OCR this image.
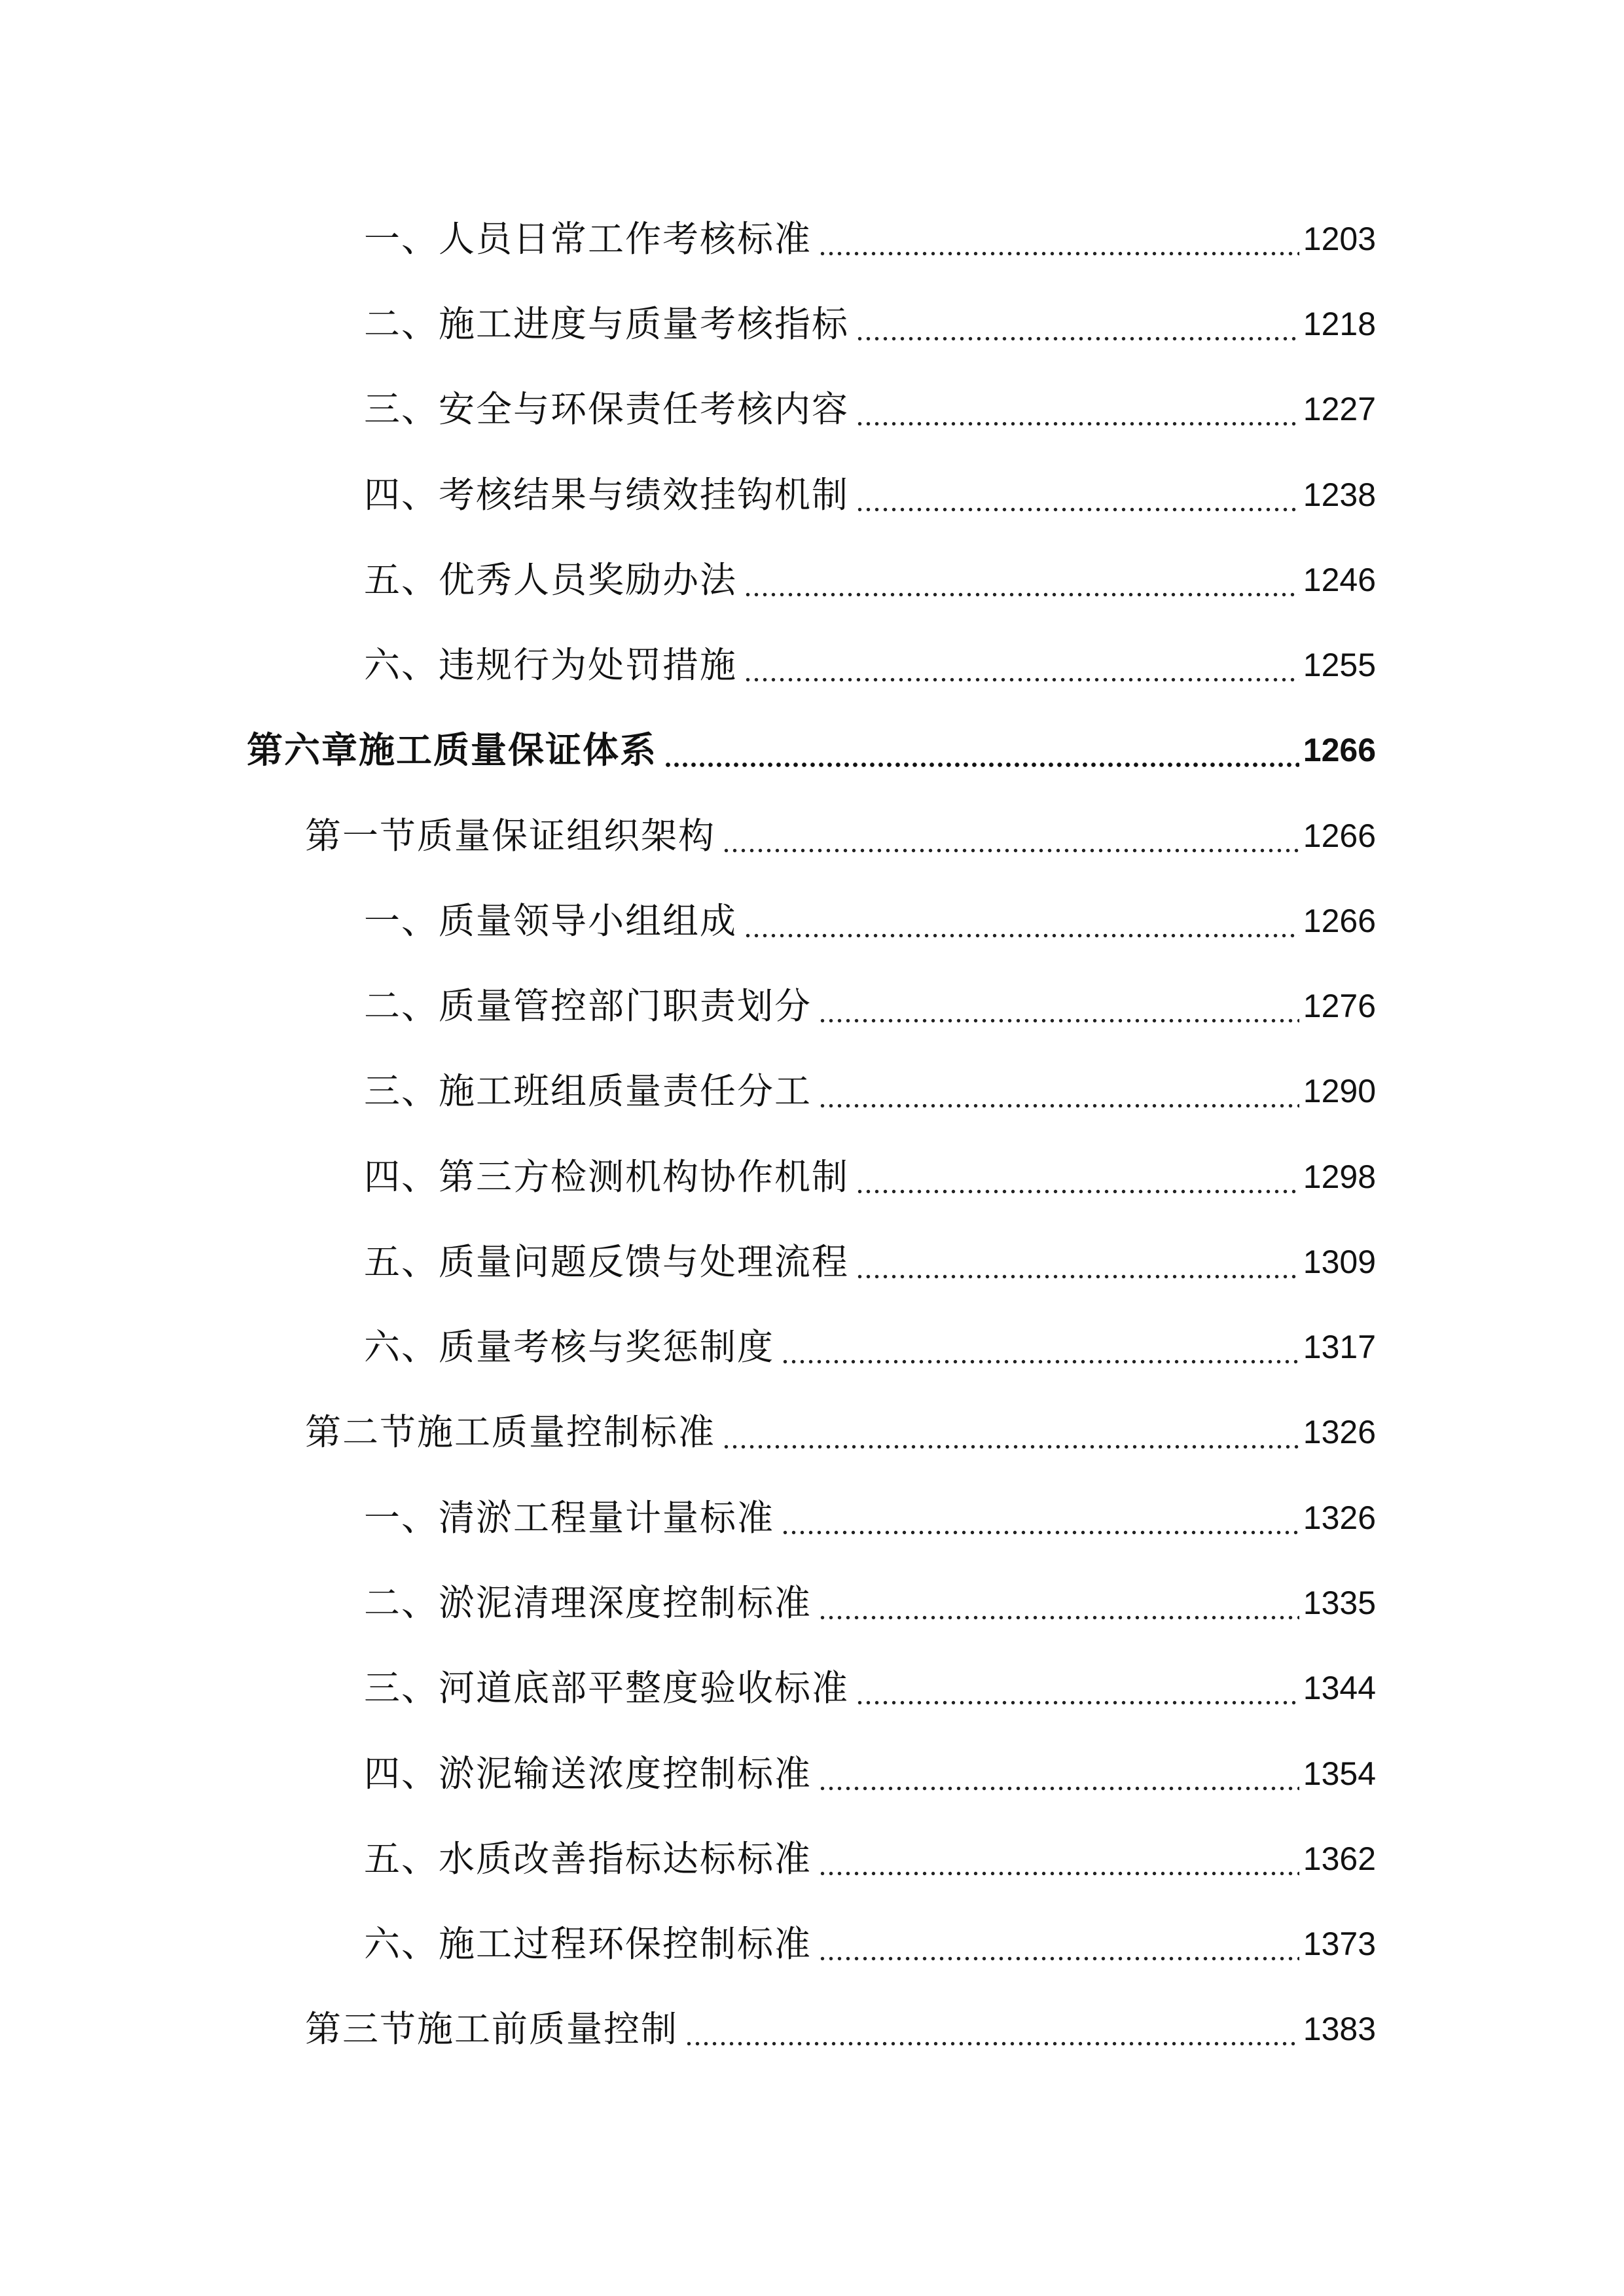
一、人员日常工作考核标准	1203
二、施工进度与质量考核指标	1218
三、安全与环保责任考核内容	1227
四、考核结果与绩效挂钩机制	1238
五、优秀人员奖励办法	1246
六、违规行为处罚措施	1255
第六章施工质量保证体系	1266
第一节质量保证组织架构	1266
一、质量领导小组组成	1266
二、质量管控部门职责划分	1276
三、施工班组质量责任分工	1290
四、第三方检测机构协作机制	1298
五、质量问题反馈与处理流程	1309
六、质量考核与奖惩制度	1317
第二节施工质量控制标准	1326
一、清淤工程量计量标准	1326
二、淤泥清理深度控制标准	1335
三、河道底部平整度验收标准	1344
四、淤泥输送浓度控制标准	1354
五、水质改善指标达标标准	1362
六、施工过程环保控制标准	1373
第三节施工前质量控制	1383
